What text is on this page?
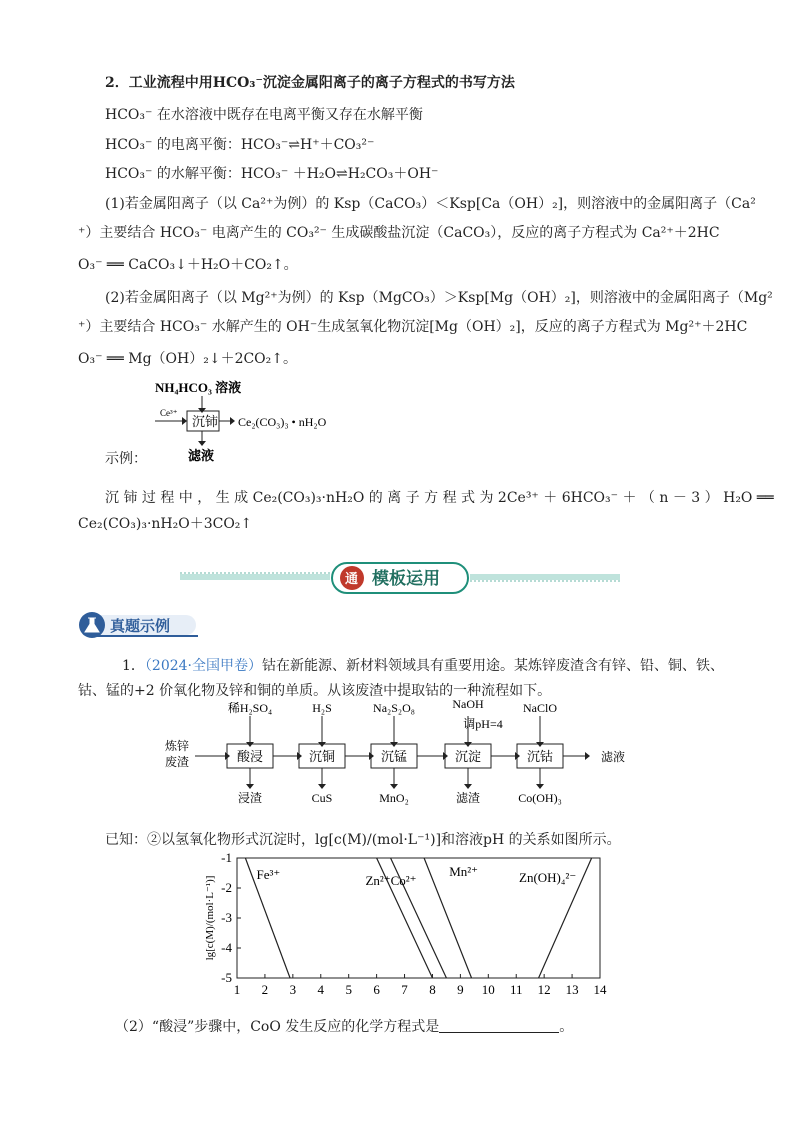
2．工业流程中用HCO₃⁻沉淀金属阳离子的离子方程式的书写方法
HCO₃⁻ 在水溶液中既存在电离平衡又存在水解平衡
HCO₃⁻ 的电离平衡：HCO₃⁻⇌H⁺＋CO₃²⁻
HCO₃⁻ 的水解平衡：HCO₃⁻ ＋H₂O⇌H₂CO₃＋OH⁻
(1)若金属阳离子（以 Ca²⁺为例）的 Ksp（CaCO₃）＜Ksp[Ca（OH）₂]，则溶液中的金属阳离子（Ca²
⁺）主要结合 HCO₃⁻ 电离产生的 CO₃²⁻ 生成碳酸盐沉淀（CaCO₃），反应的离子方程式为 Ca²⁺＋2HC
O₃⁻ ══ CaCO₃↓＋H₂O＋CO₂↑。
(2)若金属阳离子（以 Mg²⁺为例）的 Ksp（MgCO₃）＞Ksp[Mg（OH）₂]，则溶液中的金属阳离子（Mg²
⁺）主要结合 HCO₃⁻ 水解产生的 OH⁻生成氢氧化物沉淀[Mg（OH）₂]，反应的离子方程式为 Mg²⁺＋2HC
O₃⁻ ══ Mg（OH）₂↓＋2CO₂↑。
NH₄HCO₃ 溶液
Ce³⁺
沉铈 Ce₂(CO₃)₃ • nH₂O
滤液
示例：
沉 铈 过 程 中 ， 生 成 Ce₂(CO₃)₃·nH₂O 的 离 子 方 程 式 为 2Ce³⁺ ＋ 6HCO₃⁻ ＋ （ n － 3 ） H₂O ══
Ce₂(CO₃)₃·nH₂O＋3CO₂↑
通 模板运用
真题示例
1．（2024·全国甲卷）钴在新能源、新材料领域具有重要用途。某炼锌废渣含有锌、铅、铜、铁、
钴、锰的+2 价氧化物及锌和铜的单质。从该废渣中提取钴的一种流程如下。
炼锌
废渣
稀H₂SO₄	H₂S	Na₂S₂O₈	NaOH
调pH=4
NaClO
酸浸	沉铜	沉锰	沉淀	沉钴
浸渣	CuS	MnO₂	滤渣	Co(OH)₃
滤液
已知：②以氢氧化物形式沉淀时，lg[c(M)/(mol·L⁻¹)]和溶液pH 的关系如图所示。
1 2 3 4 5 6 7 8 9 10 11 12 13 14
-1
-2
-3
-4
-5
lg[c(M)/(mol·L⁻¹)]
Fe³⁺	Zn²⁺ Co²⁺
Mn²⁺	Zn(OH)₄²⁻
（2）“酸浸”步骤中，CoO 发生反应的化学方程式是	。
